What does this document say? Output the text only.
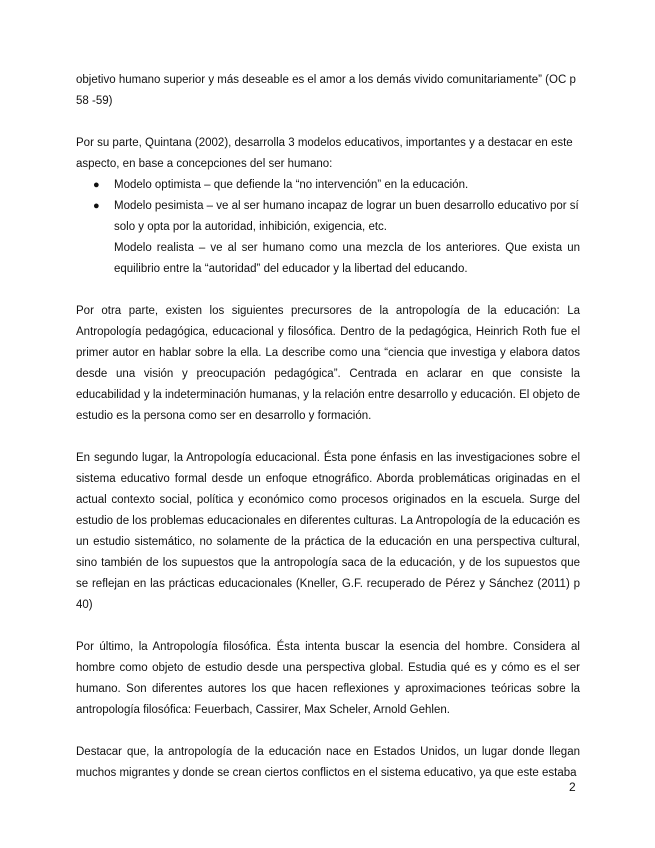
objetivo humano superior y más deseable es el amor a los demás vivido comunitariamente” (OC p 58 -59)

Por su parte, Quintana (2002), desarrolla 3 modelos educativos, importantes y a destacar en este aspecto, en base a concepciones del ser humano:

● Modelo optimista – que defiende la “no intervención” en la educación.
● Modelo pesimista – ve al ser humano incapaz de lograr un buen desarrollo educativo por sí solo y opta por la autoridad, inhibición, exigencia, etc.

Modelo realista – ve al ser humano como una mezcla de los anteriores. Que exista un equilibrio entre la “autoridad” del educador y la libertad del educando.

Por otra parte, existen los siguientes precursores de la antropología de la educación: La Antropología pedagógica, educacional y filosófica. Dentro de la pedagógica, Heinrich Roth fue el primer autor en hablar sobre la ella. La describe como una “ciencia que investiga y elabora datos desde una visión y preocupación pedagógica”. Centrada en aclarar en que consiste la educabilidad y la indeterminación humanas, y la relación entre desarrollo y educación. El objeto de estudio es la persona como ser en desarrollo y formación.

En segundo lugar, la Antropología educacional. Ésta pone énfasis en las investigaciones sobre el sistema educativo formal desde un enfoque etnográfico. Aborda problemáticas originadas en el actual contexto social, política y económico como procesos originados en la escuela. Surge del estudio de los problemas educacionales en diferentes culturas. La Antropología de la educación es un estudio sistemático, no solamente de la práctica de la educación en una perspectiva cultural, sino también de los supuestos que la antropología saca de la educación, y de los supuestos que se reflejan en las prácticas educacionales (Kneller, G.F. recuperado de Pérez y Sánchez (2011) p 40)

Por último, la Antropología filosófica. Ésta intenta buscar la esencia del hombre. Considera al hombre como objeto de estudio desde una perspectiva global. Estudia qué es y cómo es el ser humano. Son diferentes autores los que hacen reflexiones y aproximaciones teóricas sobre la antropología filosófica: Feuerbach, Cassirer, Max Scheler, Arnold Gehlen.

Destacar que, la antropología de la educación nace en Estados Unidos, un lugar donde llegan muchos migrantes y donde se crean ciertos conflictos en el sistema educativo, ya que este estaba

2
